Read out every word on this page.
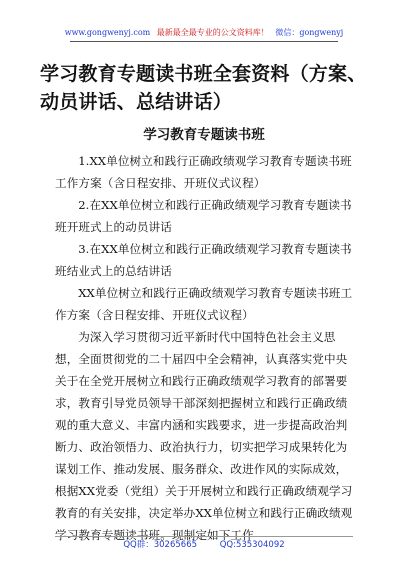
www.gongwenyj.com 最新最全最专业的公文资料库！ 微信：gongwenyj
学习教育专题读书班全套资料（方案、动员讲话、总结讲话）
学习教育专题读书班

1.XX单位树立和践行正确政绩观学习教育专题读书班工作方案（含日程安排、开班仪式议程）

2.在XX单位树立和践行正确政绩观学习教育专题读书班开班式上的动员讲话

3.在XX单位树立和践行正确政绩观学习教育专题读书班结业式上的总结讲话

XX单位树立和践行正确政绩观学习教育专题读书班工作方案（含日程安排、开班仪式议程）

为深入学习贯彻习近平新时代中国特色社会主义思想，全面贯彻党的二十届四中全会精神，认真落实党中央关于在全党开展树立和践行正确政绩观学习教育的部署要求，教育引导党员领导干部深刻把握树立和践行正确政绩观的重大意义、丰富内涵和实践要求，进一步提高政治判断力、政治领悟力、政治执行力，切实把学习成果转化为谋划工作、推动发展、服务群众、改进作风的实际成效，根据XX党委（党组）关于开展树立和践行正确政绩观学习教育的有关安排，决定举办XX单位树立和践行正确政绩观学习教育专题读书班。现制定如下工作

QQ群：30265665	QQ:535304092
